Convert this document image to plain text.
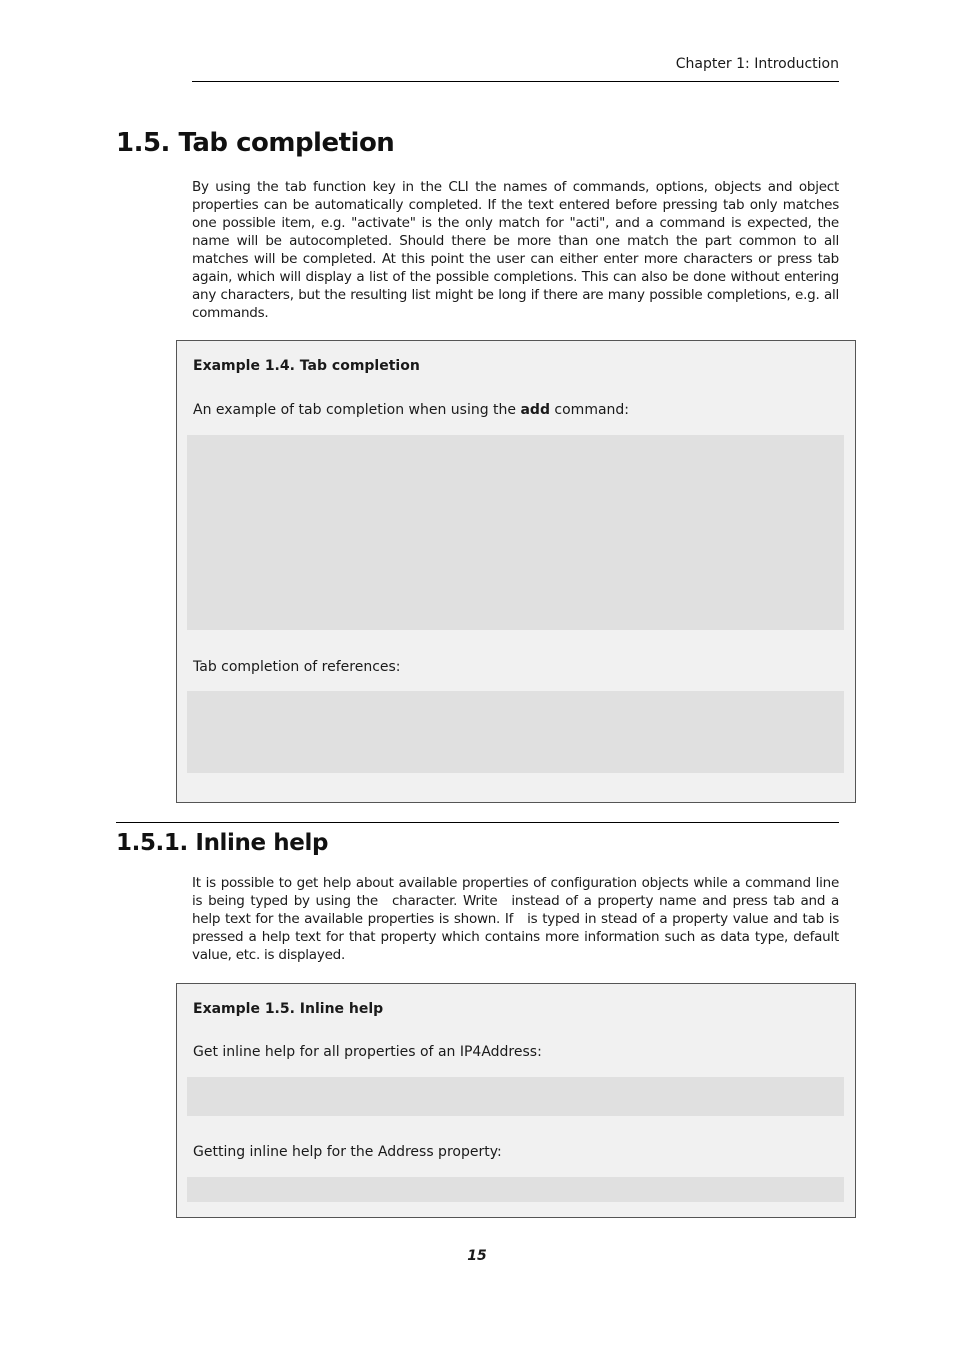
Chapter 1: Introduction
1.5. Tab completion

By using the tab function key in the CLI the names of commands, options, objects and object properties can be automatically completed. If the text entered before pressing tab only matches one possible item, e.g. "activate" is the only match for "acti", and a command is expected, the name will be autocompleted. Should there be more than one match the part common to all matches will be completed. At this point the user can either enter more characters or press tab again, which will display a list of the possible completions. This can also be done without entering any characters, but the resulting list might be long if there are many possible completions, e.g. all commands.

Example 1.4. Tab completion
An example of tab completion when using the add command:
Tab completion of references:
1.5.1. Inline help

It is possible to get help about available properties of configuration objects while a command line is being typed by using the character. Write instead of a property name and press tab and a help text for the available properties is shown. If is typed in stead of a property value and tab is pressed a help text for that property which contains more information such as data type, default value, etc. is displayed.

Example 1.5. Inline help
Get inline help for all properties of an IP4Address:
Getting inline help for the Address property:
15
